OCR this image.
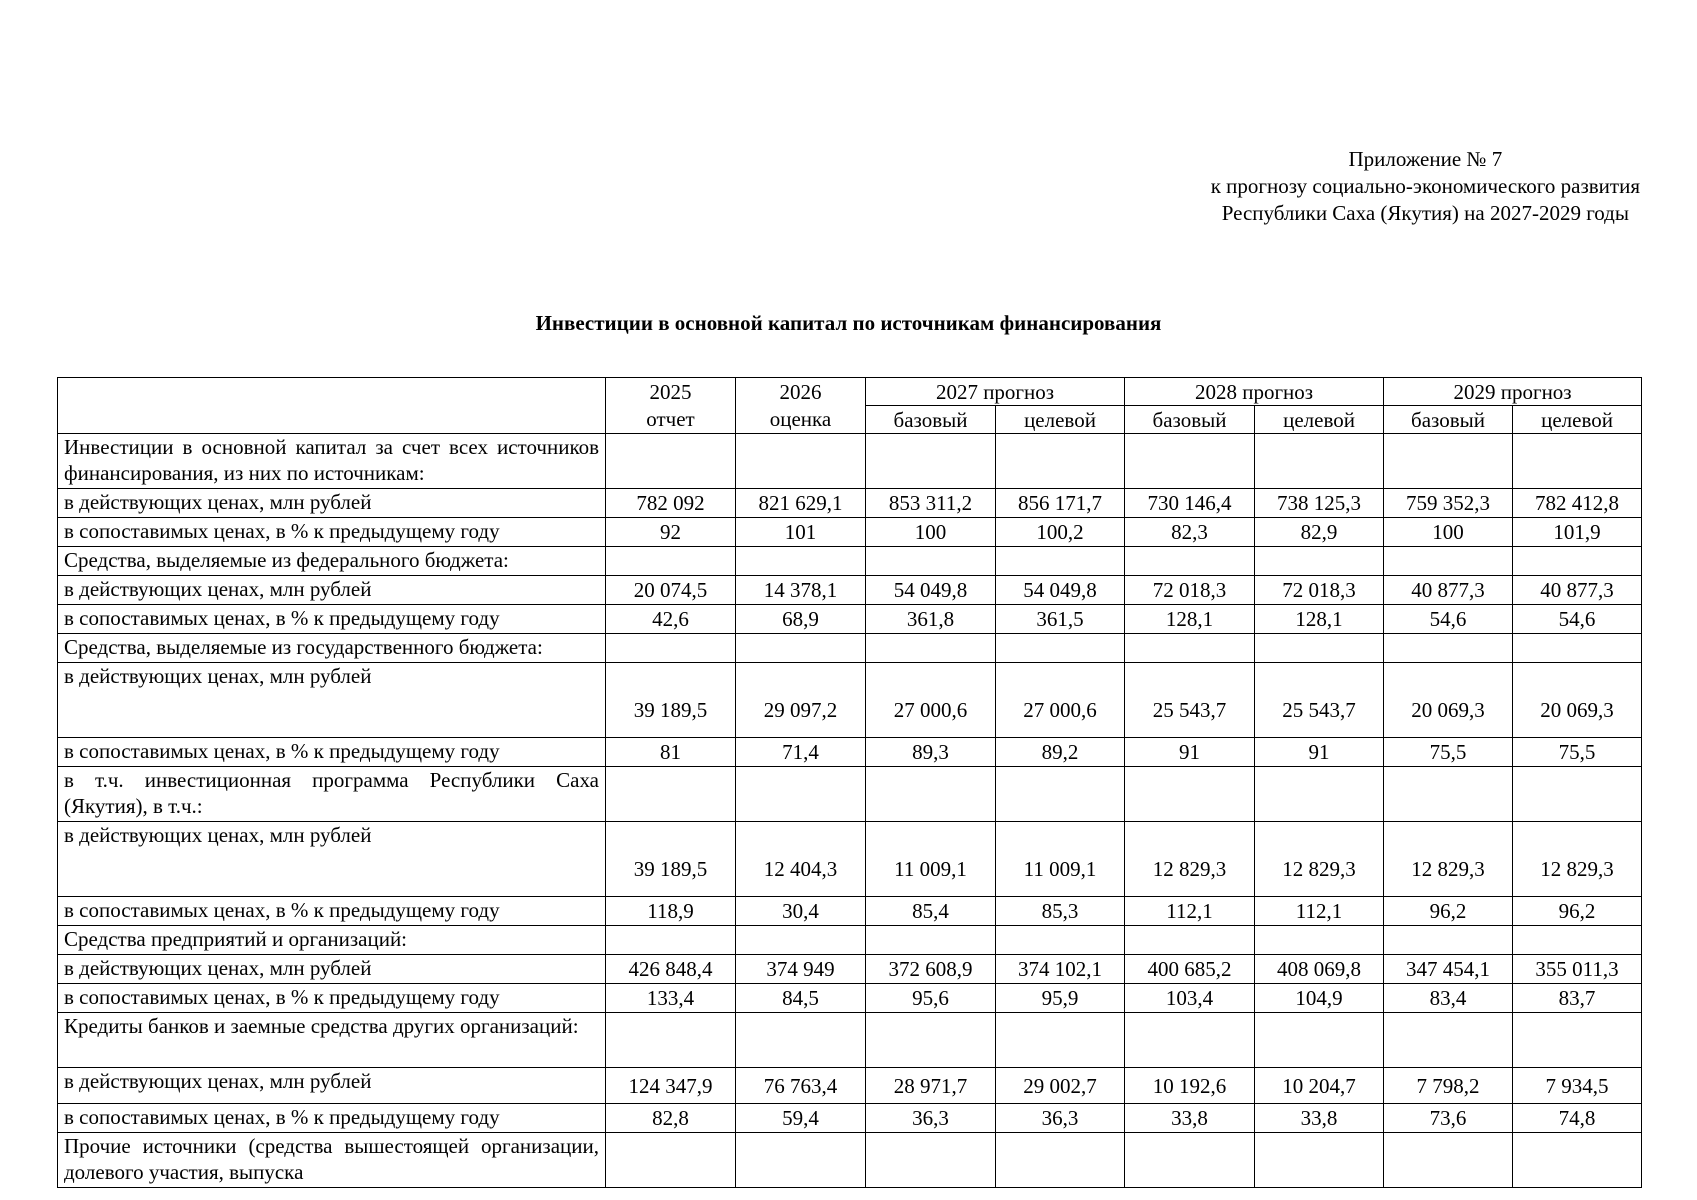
Приложение № 7
к прогнозу социально-экономического развития
Республики Саха (Якутия) на 2027-2029 годы
Инвестиции в основной капитал по источникам финансирования
	2025	2026	2027 прогноз		2028 прогноз		2029 прогноз	
	отчет	оценка	базовый	целевой	базовый	целевой	базовый	целевой
Инвестиции в основной капитал за счет всех источников финансирования, из них по источникам:								
в действующих ценах, млн рублей	782 092	821 629,1	853 311,2	856 171,7	730 146,4	738 125,3	759 352,3	782 412,8
в сопоставимых ценах, в % к предыдущему году	92	101	100	100,2	82,3	82,9	100	101,9
Средства, выделяемые из федерального бюджета:								
в действующих ценах, млн рублей	20 074,5	14 378,1	54 049,8	54 049,8	72 018,3	72 018,3	40 877,3	40 877,3
в сопоставимых ценах, в % к предыдущему году	42,6	68,9	361,8	361,5	128,1	128,1	54,6	54,6
Средства, выделяемые из государственного бюджета:								
в действующих ценах, млн рублей	39 189,5	29 097,2	27 000,6	27 000,6	25 543,7	25 543,7	20 069,3	20 069,3
в сопоставимых ценах, в % к предыдущему году	81	71,4	89,3	89,2	91	91	75,5	75,5
в т.ч. инвестиционная программа Республики Саха (Якутия), в т.ч.:								
в действующих ценах, млн рублей	39 189,5	12 404,3	11 009,1	11 009,1	12 829,3	12 829,3	12 829,3	12 829,3
в сопоставимых ценах, в % к предыдущему году	118,9	30,4	85,4	85,3	112,1	112,1	96,2	96,2
Средства предприятий и организаций:								
в действующих ценах, млн рублей	426 848,4	374 949	372 608,9	374 102,1	400 685,2	408 069,8	347 454,1	355 011,3
в сопоставимых ценах, в % к предыдущему году	133,4	84,5	95,6	95,9	103,4	104,9	83,4	83,7
Кредиты банков и заемные средства других организаций:								
в действующих ценах, млн рублей	124 347,9	76 763,4	28 971,7	29 002,7	10 192,6	10 204,7	7 798,2	7 934,5
в сопоставимых ценах, в % к предыдущему году	82,8	59,4	36,3	36,3	33,8	33,8	73,6	74,8
Прочие источники (средства вышестоящей организации, долевого участия, выпуска								
